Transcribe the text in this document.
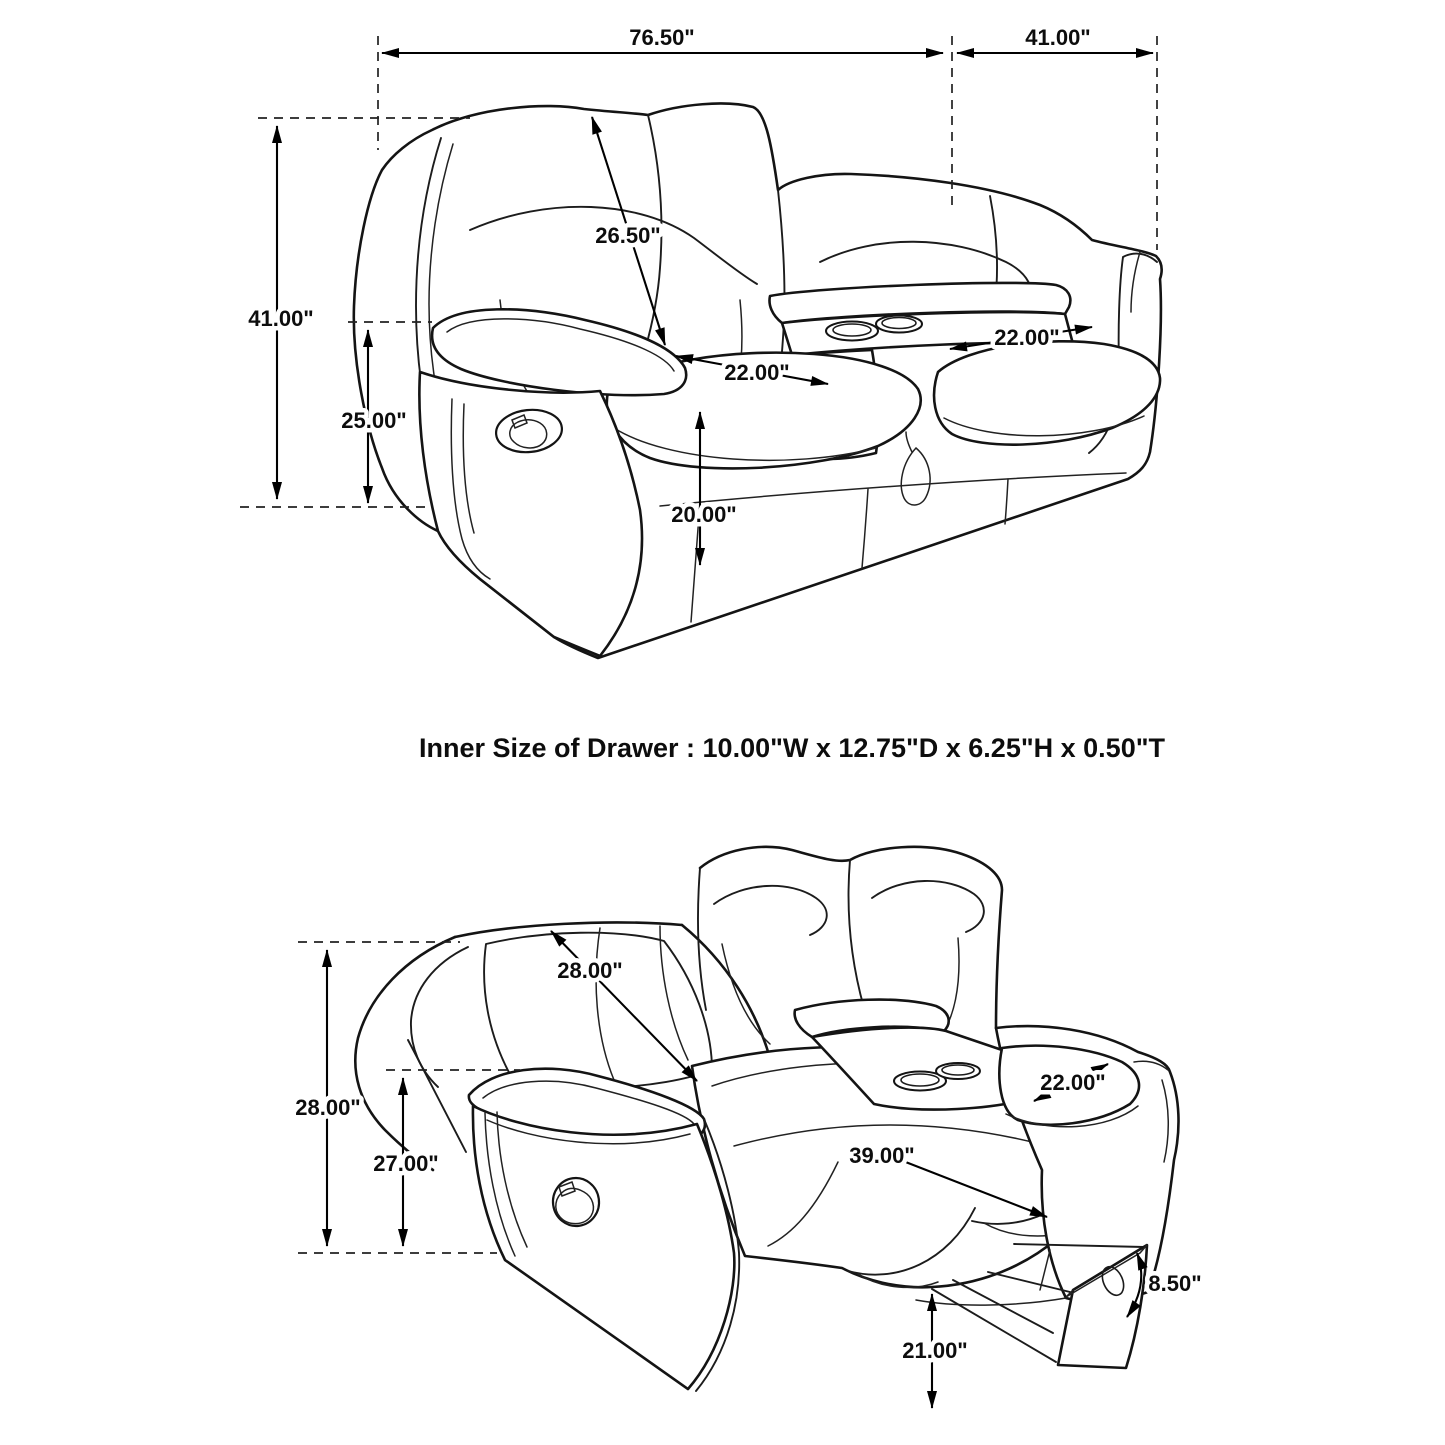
76.50"	41.00"
41.00"
26.50"
25.00"
22.00"
22.00"
20.00"
Inner Size of Drawer : 10.00"W x 12.75"D x 6.25"H x 0.50"T
28.00"
28.00"
27.00"
22.00"
39.00"
21.00"
8.50"
